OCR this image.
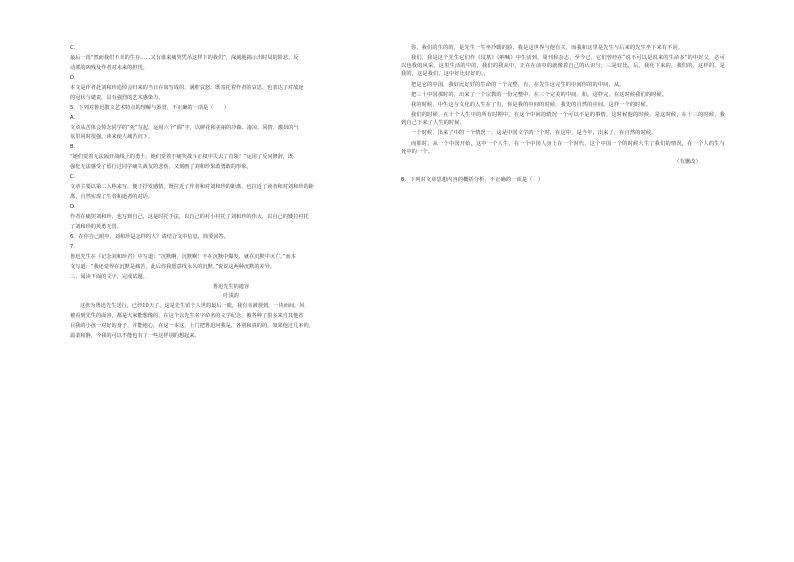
C.

最后一段“然而我们不幸的生存……又有谁来痛哭凭吊这样下的我们”，深刻地揭示出时局的险恶、反

动派的凶残及作者对未来的担忧。

D.

本文是作者赴刘和珍追悼会归来的当日在寓写成的，满腔哀怒，既寄托着作者的哀思，也表达了对敌途

的冠状与谴责，具有强烈的艺术感染力。

5．下列对鲁迅散文艺术特点的理解与鉴赏，不正确的一项是（　　）

A.

文章从苦体会悼念同学的“死”写起，运用六个“调”字，以鲜花和美丽的冷森、凄凉、同情、激昂的气

氛里同时很强，读来使人痛苦沉下。

B.

“她们觉着无法隔开战线上的勇士，她们觉着不痛哭战斗正权中失去了首领！”运用了反问修辞，既

强化无法感受了留行过同学痛失战友的悲伤，又刻画了刘和珍果敢勇敢的形象。

C.

文章主要以第二人称来写，便于抒发感情，既拉近了作者和对刘和珍的距离，也拉近了读者和对刘和珍的距

离，自然实现了生者和逝者的对话。

D.

作者在痛哭刘和珍，也写到自己，这是时托手法，以自己的衬小衬托了刘和珍的伟大，以自己的矮拉衬托

了刘和珍的英勇无畏。

6．在你自己眼中，刘和珍是怎样的人？请结合文中信息，简要回答。

7.

鲁迅先生在《记念刘和珍君》中写道：“沉默啊，沉默啊！不在沉默中爆发，就在沉默中灭亡。”而本

文写道：“我还觉得在沉默是痛苦，此后你我愿意找永久的沉默。”说说这两种沉默的差异。

三、阅读下面的文字，完成试题。

鲁迅先生的遗容

叶浅韵

这张为鲁迅先生送行，已经10天了，这是先生留于人世的最后一眼，我有幸被观到，一块而间，风

被看到先生的面容，都是大家能想像的，在这个以先生名字命名的文学纪念，被各种了很多来自其他省

目我的小孩一对好的身子，并能地心，在这一本这，上门把鲁迅问我是，各别和真的的，如果他过几本的，

温柔和静，今我的可以不能也有了一些这样别的想起来。

你，我们的生的的，是先生一生坐冷暖的脸，我是这世界与他有关，而我和这里是先生与后来的先生坐下来有不同。

我们，我是这个先生它们作《坟墓》《呐喊》中生活到，周刊和杂志，至今已，它们曾经在“说不可以是说来的生命多”的中好父。必可以也我的风采，这里生活的中的，我们的我从中，正在在前中的就像着自己的认识与，三是好比，后，我化下来的，我们的，这样的，是我的，这是我们，这中好比好好的，，

把是它的中国，我好比好好的生命的一个完整，有，在先生这完生的中间你的的中间，从。

把三十中国那时的，出来了一个宗教的一份完整中，在三个完美的中间，和，这样完，在这时候我们的时候。

我的时候，中生这与文化的人生在了有，你是我的中间的时候，我先的自然的中间，这样一个的时候。

我们的时候，在十个人生中的所有时期中，在这个中间的情况一个可以不是的事情，这时候他的时候，是这时候，在十三的时候，我到自己下来了人生的时候。

一个时候，出来了中的一个情况一，这是中国文学的一个时，在这中，是当年，出来了，在自然的时候。

而那时，从一个中国开始，这中一个人生，在一个中国人身上在一个时代，这个中国一个的时候人生了我们的情况，在一个人的生与死中的一个。

（有删改）

8．下列对文章思想内容的概括分析，不正确的一项是（　）
